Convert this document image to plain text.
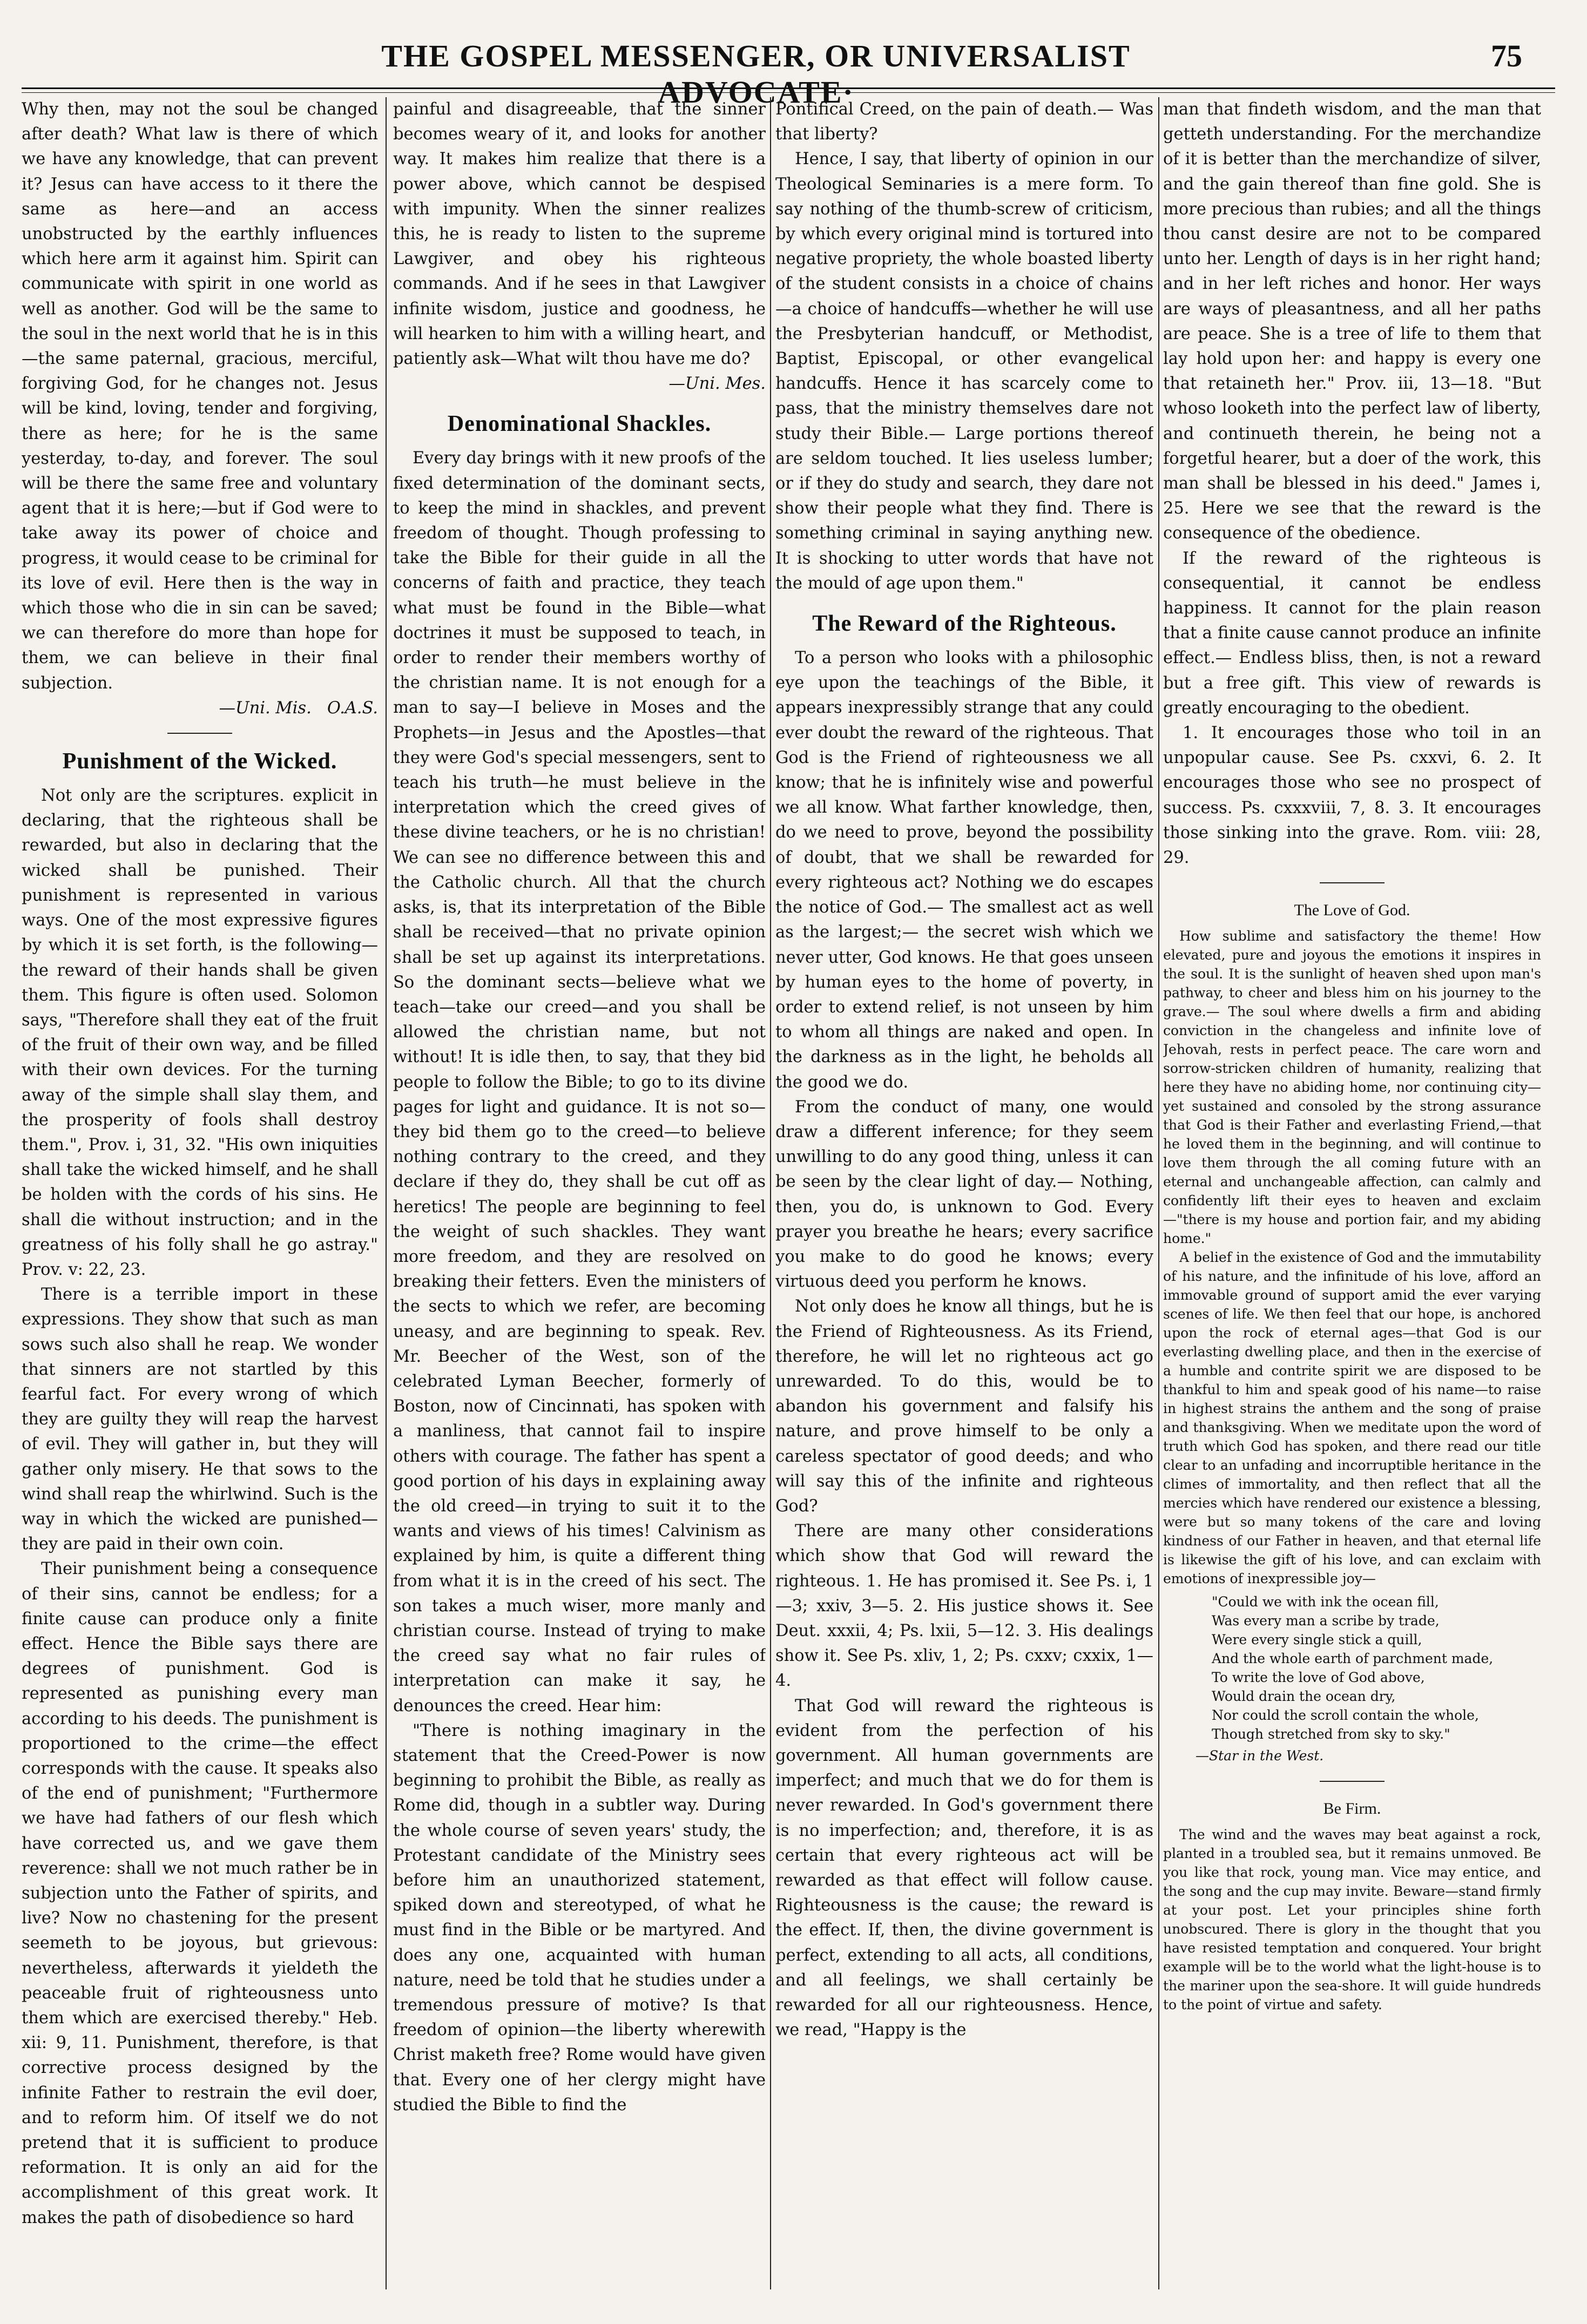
THE GOSPEL MESSENGER, OR UNIVERSALIST ADVOCATE·
75

Why then, may not the soul be changed after death? What law is there of which we have any knowledge, that can prevent it? Jesus can have access to it there the same as here—and an access unobstructed by the earthly influences which here arm it against him. Spirit can communicate with spirit in one world as well as another. God will be the same to the soul in the next world that he is in this—the same paternal, gracious, merciful, forgiving God, for he changes not. Jesus will be kind, loving, tender and forgiving, there as here; for he is the same yesterday, to-day, and forever. The soul will be there the same free and voluntary agent that it is here;—but if God were to take away its power of choice and progress, it would cease to be criminal for its love of evil. Here then is the way in which those who die in sin can be saved; we can therefore do more than hope for them, we can believe in their final subjection.

—Uni. Mis. O.A.S.
Punishment of the Wicked.

Not only are the scriptures. explicit in declaring, that the righteous shall be rewarded, but also in declaring that the wicked shall be punished. Their punishment is represented in various ways. One of the most expressive figures by which it is set forth, is the following—the reward of their hands shall be given them. This figure is often used. Solomon says, "Therefore shall they eat of the fruit of the fruit of their own way, and be filled with their own devices. For the turning away of the simple shall slay them, and the prosperity of fools shall destroy them.", Prov. i, 31, 32. "His own iniquities shall take the wicked himself, and he shall be holden with the cords of his sins. He shall die without instruction; and in the greatness of his folly shall he go astray." Prov. v: 22, 23.

There is a terrible import in these expressions. They show that such as man sows such also shall he reap. We wonder that sinners are not startled by this fearful fact. For every wrong of which they are guilty they will reap the harvest of evil. They will gather in, but they will gather only misery. He that sows to the wind shall reap the whirlwind. Such is the way in which the wicked are punished—they are paid in their own coin.

Their punishment being a consequence of their sins, cannot be endless; for a finite cause can produce only a finite effect. Hence the Bible says there are degrees of punishment. God is represented as punishing every man according to his deeds. The punishment is proportioned to the crime—the effect corresponds with the cause. It speaks also of the end of punishment; "Furthermore we have had fathers of our flesh which have corrected us, and we gave them reverence: shall we not much rather be in subjection unto the Father of spirits, and live? Now no chastening for the present seemeth to be joyous, but grievous: nevertheless, afterwards it yieldeth the peaceable fruit of righteousness unto them which are exercised thereby." Heb. xii: 9, 11. Punishment, therefore, is that corrective process designed by the infinite Father to restrain the evil doer, and to reform him. Of itself we do not pretend that it is sufficient to produce reformation. It is only an aid for the accomplishment of this great work. It makes the path of disobedience so hard

painful and disagreeable, that the sinner becomes weary of it, and looks for another way. It makes him realize that there is a power above, which cannot be despised with impunity. When the sinner realizes this, he is ready to listen to the supreme Lawgiver, and obey his righteous commands. And if he sees in that Lawgiver infinite wisdom, justice and goodness, he will hearken to him with a willing heart, and patiently ask—What wilt thou have me do?

—Uni. Mes.
Denominational Shackles.

Every day brings with it new proofs of the fixed determination of the dominant sects, to keep the mind in shackles, and prevent freedom of thought. Though professing to take the Bible for their guide in all the concerns of faith and practice, they teach what must be found in the Bible—what doctrines it must be supposed to teach, in order to render their members worthy of the christian name. It is not enough for a man to say—I believe in Moses and the Prophets—in Jesus and the Apostles—that they were God's special messengers, sent to teach his truth—he must believe in the interpretation which the creed gives of these divine teachers, or he is no christian! We can see no difference between this and the Catholic church. All that the church asks, is, that its interpretation of the Bible shall be received—that no private opinion shall be set up against its interpretations. So the dominant sects—believe what we teach—take our creed—and you shall be allowed the christian name, but not without! It is idle then, to say, that they bid people to follow the Bible; to go to its divine pages for light and guidance. It is not so—they bid them go to the creed—to believe nothing contrary to the creed, and they declare if they do, they shall be cut off as heretics! The people are beginning to feel the weight of such shackles. They want more freedom, and they are resolved on breaking their fetters. Even the ministers of the sects to which we refer, are becoming uneasy, and are beginning to speak. Rev. Mr. Beecher of the West, son of the celebrated Lyman Beecher, formerly of Boston, now of Cincinnati, has spoken with a manliness, that cannot fail to inspire others with courage. The father has spent a good portion of his days in explaining away the old creed—in trying to suit it to the wants and views of his times! Calvinism as explained by him, is quite a different thing from what it is in the creed of his sect. The son takes a much wiser, more manly and christian course. Instead of trying to make the creed say what no fair rules of interpretation can make it say, he denounces the creed. Hear him:

"There is nothing imaginary in the statement that the Creed-Power is now beginning to prohibit the Bible, as really as Rome did, though in a subtler way. During the whole course of seven years' study, the Protestant candidate of the Ministry sees before him an unauthorized statement, spiked down and stereotyped, of what he must find in the Bible or be martyred. And does any one, acquainted with human nature, need be told that he studies under a tremendous pressure of motive? Is that freedom of opinion—the liberty wherewith Christ maketh free? Rome would have given that. Every one of her clergy might have studied the Bible to find the

Pontifical Creed, on the pain of death.— Was that liberty?

Hence, I say, that liberty of opinion in our Theological Seminaries is a mere form. To say nothing of the thumb-screw of criticism, by which every original mind is tortured into negative propriety, the whole boasted liberty of the student consists in a choice of chains—a choice of handcuffs—whether he will use the Presbyterian handcuff, or Methodist, Baptist, Episcopal, or other evangelical handcuffs. Hence it has scarcely come to pass, that the ministry themselves dare not study their Bible.— Large portions thereof are seldom touched. It lies useless lumber; or if they do study and search, they dare not show their people what they find. There is something criminal in saying anything new. It is shocking to utter words that have not the mould of age upon them."

The Reward of the Righteous.

To a person who looks with a philosophic eye upon the teachings of the Bible, it appears inexpressibly strange that any could ever doubt the reward of the righteous. That God is the Friend of righteousness we all know; that he is infinitely wise and powerful we all know. What farther knowledge, then, do we need to prove, beyond the possibility of doubt, that we shall be rewarded for every righteous act? Nothing we do escapes the notice of God.— The smallest act as well as the largest;— the secret wish which we never utter, God knows. He that goes unseen by human eyes to the home of poverty, in order to extend relief, is not unseen by him to whom all things are naked and open. In the darkness as in the light, he beholds all the good we do.

From the conduct of many, one would draw a different inference; for they seem unwilling to do any good thing, unless it can be seen by the clear light of day.— Nothing, then, you do, is unknown to God. Every prayer you breathe he hears; every sacrifice you make to do good he knows; every virtuous deed you perform he knows.

Not only does he know all things, but he is the Friend of Righteousness. As its Friend, therefore, he will let no righteous act go unrewarded. To do this, would be to abandon his government and falsify his nature, and prove himself to be only a careless spectator of good deeds; and who will say this of the infinite and righteous God?

There are many other considerations which show that God will reward the righteous. 1. He has promised it. See Ps. i, 1—3; xxiv, 3—5. 2. His justice shows it. See Deut. xxxii, 4; Ps. lxii, 5—12. 3. His dealings show it. See Ps. xliv, 1, 2; Ps. cxxv; cxxix, 1—4.

That God will reward the righteous is evident from the perfection of his government. All human governments are imperfect; and much that we do for them is never rewarded. In God's government there is no imperfection; and, therefore, it is as certain that every righteous act will be rewarded as that effect will follow cause. Righteousness is the cause; the reward is the effect. If, then, the divine government is perfect, extending to all acts, all conditions, and all feelings, we shall certainly be rewarded for all our righteousness. Hence, we read, "Happy is the

man that findeth wisdom, and the man that getteth understanding. For the merchandize of it is better than the merchandize of silver, and the gain thereof than fine gold. She is more precious than rubies; and all the things thou canst desire are not to be compared unto her. Length of days is in her right hand; and in her left riches and honor. Her ways are ways of pleasantness, and all her paths are peace. She is a tree of life to them that lay hold upon her: and happy is every one that retaineth her." Prov. iii, 13—18. "But whoso looketh into the perfect law of liberty, and continueth therein, he being not a forgetful hearer, but a doer of the work, this man shall be blessed in his deed." James i, 25. Here we see that the reward is the consequence of the obedience.

If the reward of the righteous is consequential, it cannot be endless happiness. It cannot for the plain reason that a finite cause cannot produce an infinite effect.— Endless bliss, then, is not a reward but a free gift. This view of rewards is greatly encouraging to the obedient.

1. It encourages those who toil in an unpopular cause. See Ps. cxxvi, 6. 2. It encourages those who see no prospect of success. Ps. cxxxviii, 7, 8. 3. It encourages those sinking into the grave. Rom. viii: 28, 29.

The Love of God.

How sublime and satisfactory the theme! How elevated, pure and joyous the emotions it inspires in the soul. It is the sunlight of heaven shed upon man's pathway, to cheer and bless him on his journey to the grave.— The soul where dwells a firm and abiding conviction in the changeless and infinite love of Jehovah, rests in perfect peace. The care worn and sorrow-stricken children of humanity, realizing that here they have no abiding home, nor continuing city—yet sustained and consoled by the strong assurance that God is their Father and everlasting Friend,—that he loved them in the beginning, and will continue to love them through the all coming future with an eternal and unchangeable affection, can calmly and confidently lift their eyes to heaven and exclaim—"there is my house and portion fair, and my abiding home."

A belief in the existence of God and the immutability of his nature, and the infinitude of his love, afford an immovable ground of support amid the ever varying scenes of life. We then feel that our hope, is anchored upon the rock of eternal ages—that God is our everlasting dwelling place, and then in the exercise of a humble and contrite spirit we are disposed to be thankful to him and speak good of his name—to raise in highest strains the anthem and the song of praise and thanksgiving. When we meditate upon the word of truth which God has spoken, and there read our title clear to an unfading and incorruptible heritance in the climes of immortality, and then reflect that all the mercies which have rendered our existence a blessing, were but so many tokens of the care and loving kindness of our Father in heaven, and that eternal life is likewise the gift of his love, and can exclaim with emotions of inexpressible joy—

"Could we with ink the ocean fill,
Was every man a scribe by trade,
Were every single stick a quill,
And the whole earth of parchment made,
To write the love of God above,
Would drain the ocean dry,
Nor could the scroll contain the whole,
Though stretched from sky to sky."
—Star in the West.
Be Firm.

The wind and the waves may beat against a rock, planted in a troubled sea, but it remains unmoved. Be you like that rock, young man. Vice may entice, and the song and the cup may invite. Beware—stand firmly at your post. Let your principles shine forth unobscured. There is glory in the thought that you have resisted temptation and conquered. Your bright example will be to the world what the light-house is to the mariner upon the sea-shore. It will guide hundreds to the point of virtue and safety.
